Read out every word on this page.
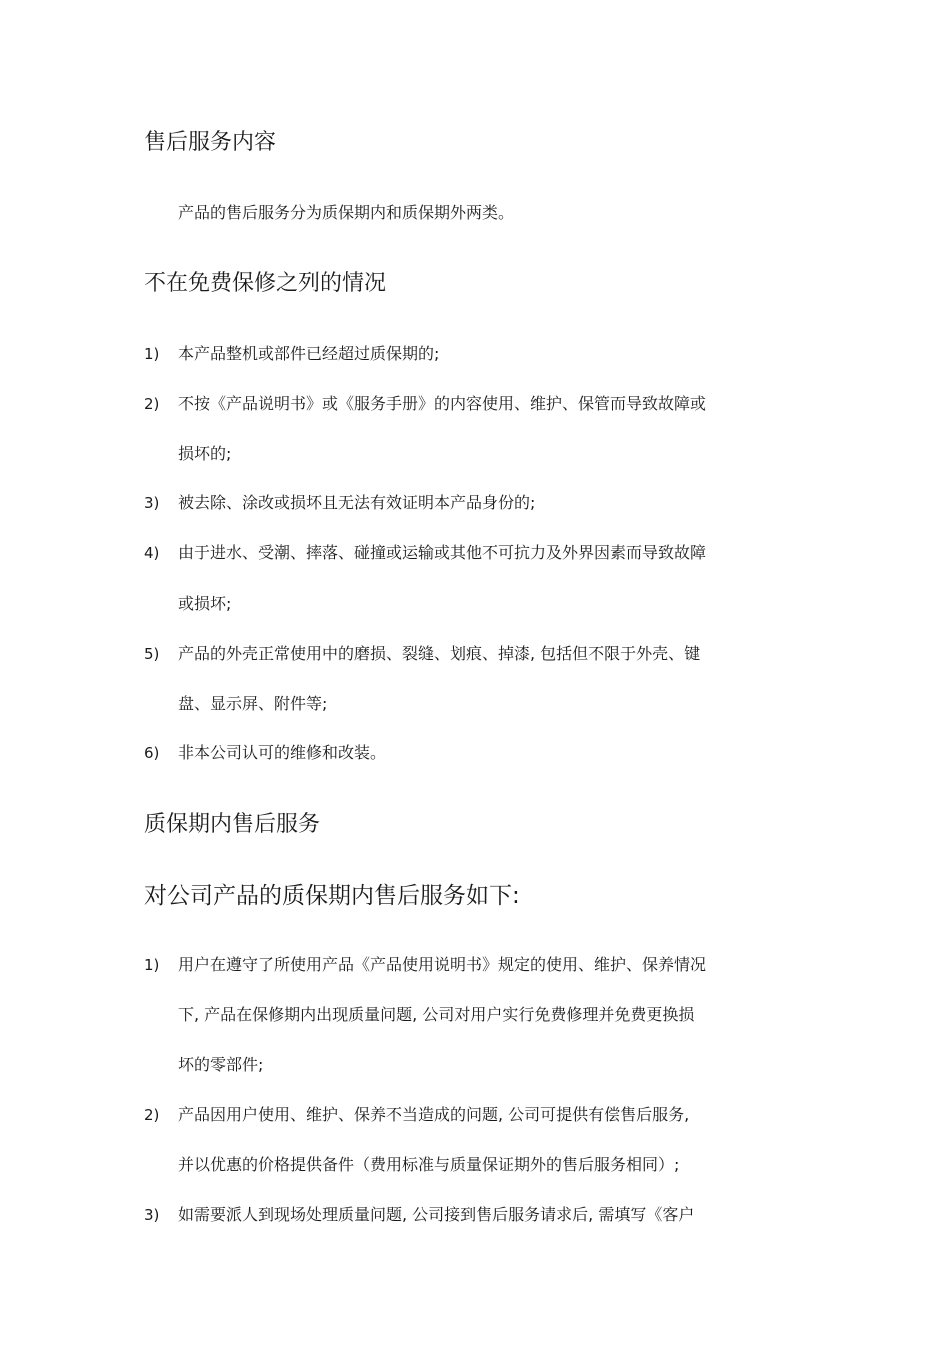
售后服务内容
产品的售后服务分为质保期内和质保期外两类。
不在免费保修之列的情况
1)	本产品整机或部件已经超过质保期的;
2)	不按《产品说明书》或《服务手册》的内容使用、维护、保管而导致故障或
损坏的;
3)	被去除、涂改或损坏且无法有效证明本产品身份的;
4)	由于进水、受潮、摔落、碰撞或运输或其他不可抗力及外界因素而导致故障
或损坏;
5)	产品的外壳正常使用中的磨损、裂缝、划痕、掉漆, 包括但不限于外壳、键
盘、显示屏、附件等;
6)	非本公司认可的维修和改装。
质保期内售后服务
对公司产品的质保期内售后服务如下:
1)	用户在遵守了所使用产品《产品使用说明书》规定的使用、维护、保养情况
下, 产品在保修期内出现质量问题, 公司对用户实行免费修理并免费更换损
坏的零部件;
2)	产品因用户使用、维护、保养不当造成的问题, 公司可提供有偿售后服务,
并以优惠的价格提供备件（费用标准与质量保证期外的售后服务相同）;
3)	如需要派人到现场处理质量问题, 公司接到售后服务请求后, 需填写《客户
